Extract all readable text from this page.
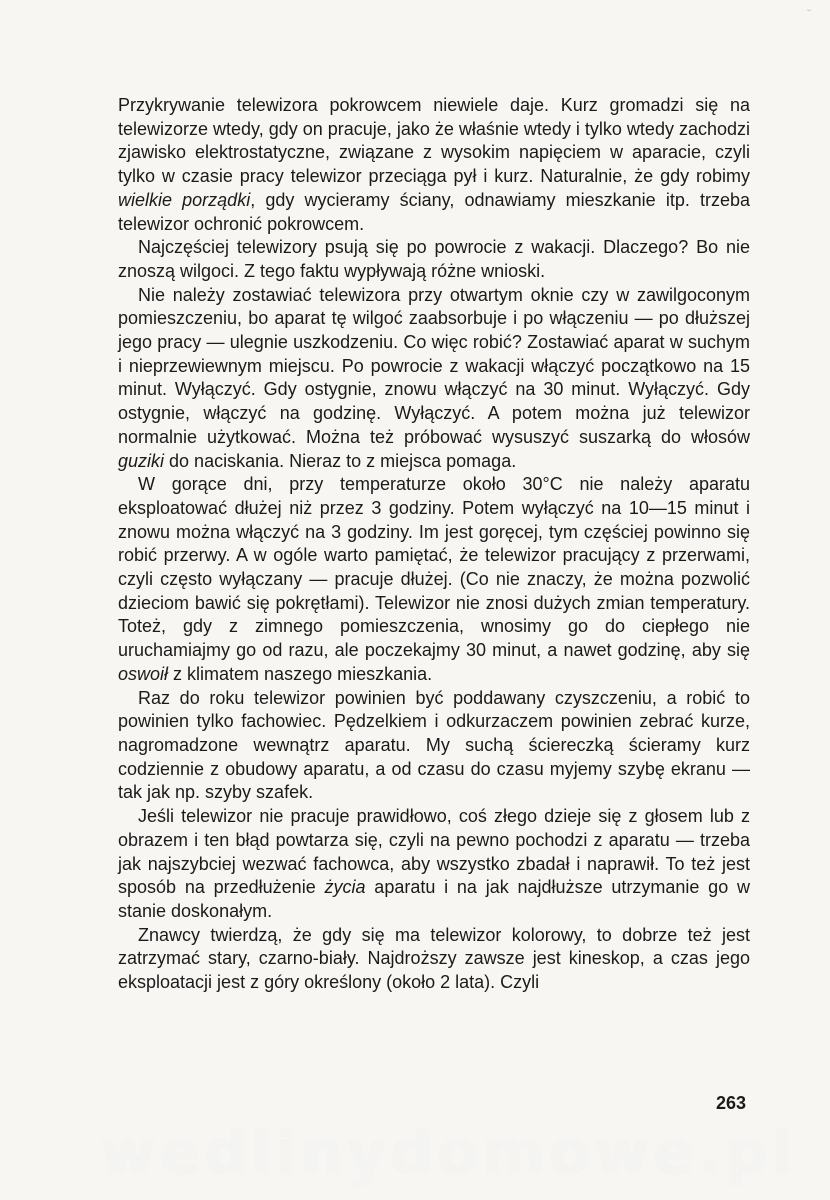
˘

Przykrywanie telewizora pokrowcem niewiele daje. Kurz gromadzi się na telewizorze wtedy, gdy on pracuje, jako że właśnie wtedy i tylko wtedy zachodzi zjawisko elektrostatyczne, związane z wysokim napięciem w aparacie, czyli tylko w czasie pracy telewizor przeciąga pył i kurz. Naturalnie, że gdy robimy wielkie porządki, gdy wycieramy ściany, odnawiamy mieszkanie itp. trzeba telewizor ochronić pokrowcem.

Najczęściej telewizory psują się po powrocie z wakacji. Dlaczego? Bo nie znoszą wilgoci. Z tego faktu wypływają różne wnioski.

Nie należy zostawiać telewizora przy otwartym oknie czy w zawilgoconym pomieszczeniu, bo aparat tę wilgoć zaabsorbuje i po włączeniu — po dłuższej jego pracy — ulegnie uszkodzeniu. Co więc robić? Zostawiać aparat w suchym i nieprzewiewnym miejscu. Po powrocie z wakacji włączyć początkowo na 15 minut. Wyłączyć. Gdy ostygnie, znowu włączyć na 30 minut. Wyłączyć. Gdy ostygnie, włączyć na godzinę. Wyłączyć. A potem można już telewizor normalnie użytkować. Można też próbować wysuszyć suszarką do włosów guziki do naciskania. Nieraz to z miejsca pomaga.

W gorące dni, przy temperaturze około 30°C nie należy aparatu eksploatować dłużej niż przez 3 godziny. Potem wyłączyć na 10—15 minut i znowu można włączyć na 3 godziny. Im jest goręcej, tym częściej powinno się robić przerwy. A w ogóle warto pamiętać, że telewizor pracujący z przerwami, czyli często wyłączany — pracuje dłużej. (Co nie znaczy, że można pozwolić dzieciom bawić się pokrętłami). Telewizor nie znosi dużych zmian temperatury. Toteż, gdy z zimnego pomieszczenia, wnosimy go do ciepłego nie uruchamiajmy go od razu, ale poczekajmy 30 minut, a nawet godzinę, aby się oswoił z klimatem naszego mieszkania.

Raz do roku telewizor powinien być poddawany czyszczeniu, a robić to powinien tylko fachowiec. Pędzelkiem i odkurzaczem powinien zebrać kurze, nagromadzone wewnątrz aparatu. My suchą ściereczką ścieramy kurz codziennie z obudowy aparatu, a od czasu do czasu myjemy szybę ekranu — tak jak np. szyby szafek.

Jeśli telewizor nie pracuje prawidłowo, coś złego dzieje się z głosem lub z obrazem i ten błąd powtarza się, czyli na pewno pochodzi z aparatu — trzeba jak najszybciej wezwać fachowca, aby wszystko zbadał i naprawił. To też jest sposób na przedłużenie życia aparatu i na jak najdłuższe utrzymanie go w stanie doskonałym.

Znawcy twierdzą, że gdy się ma telewizor kolorowy, to dobrze też jest zatrzymać stary, czarno-biały. Najdroższy zawsze jest kineskop, a czas jego eksploatacji jest z góry określony (około 2 lata). Czyli

263
wedlinydomowe.pl
